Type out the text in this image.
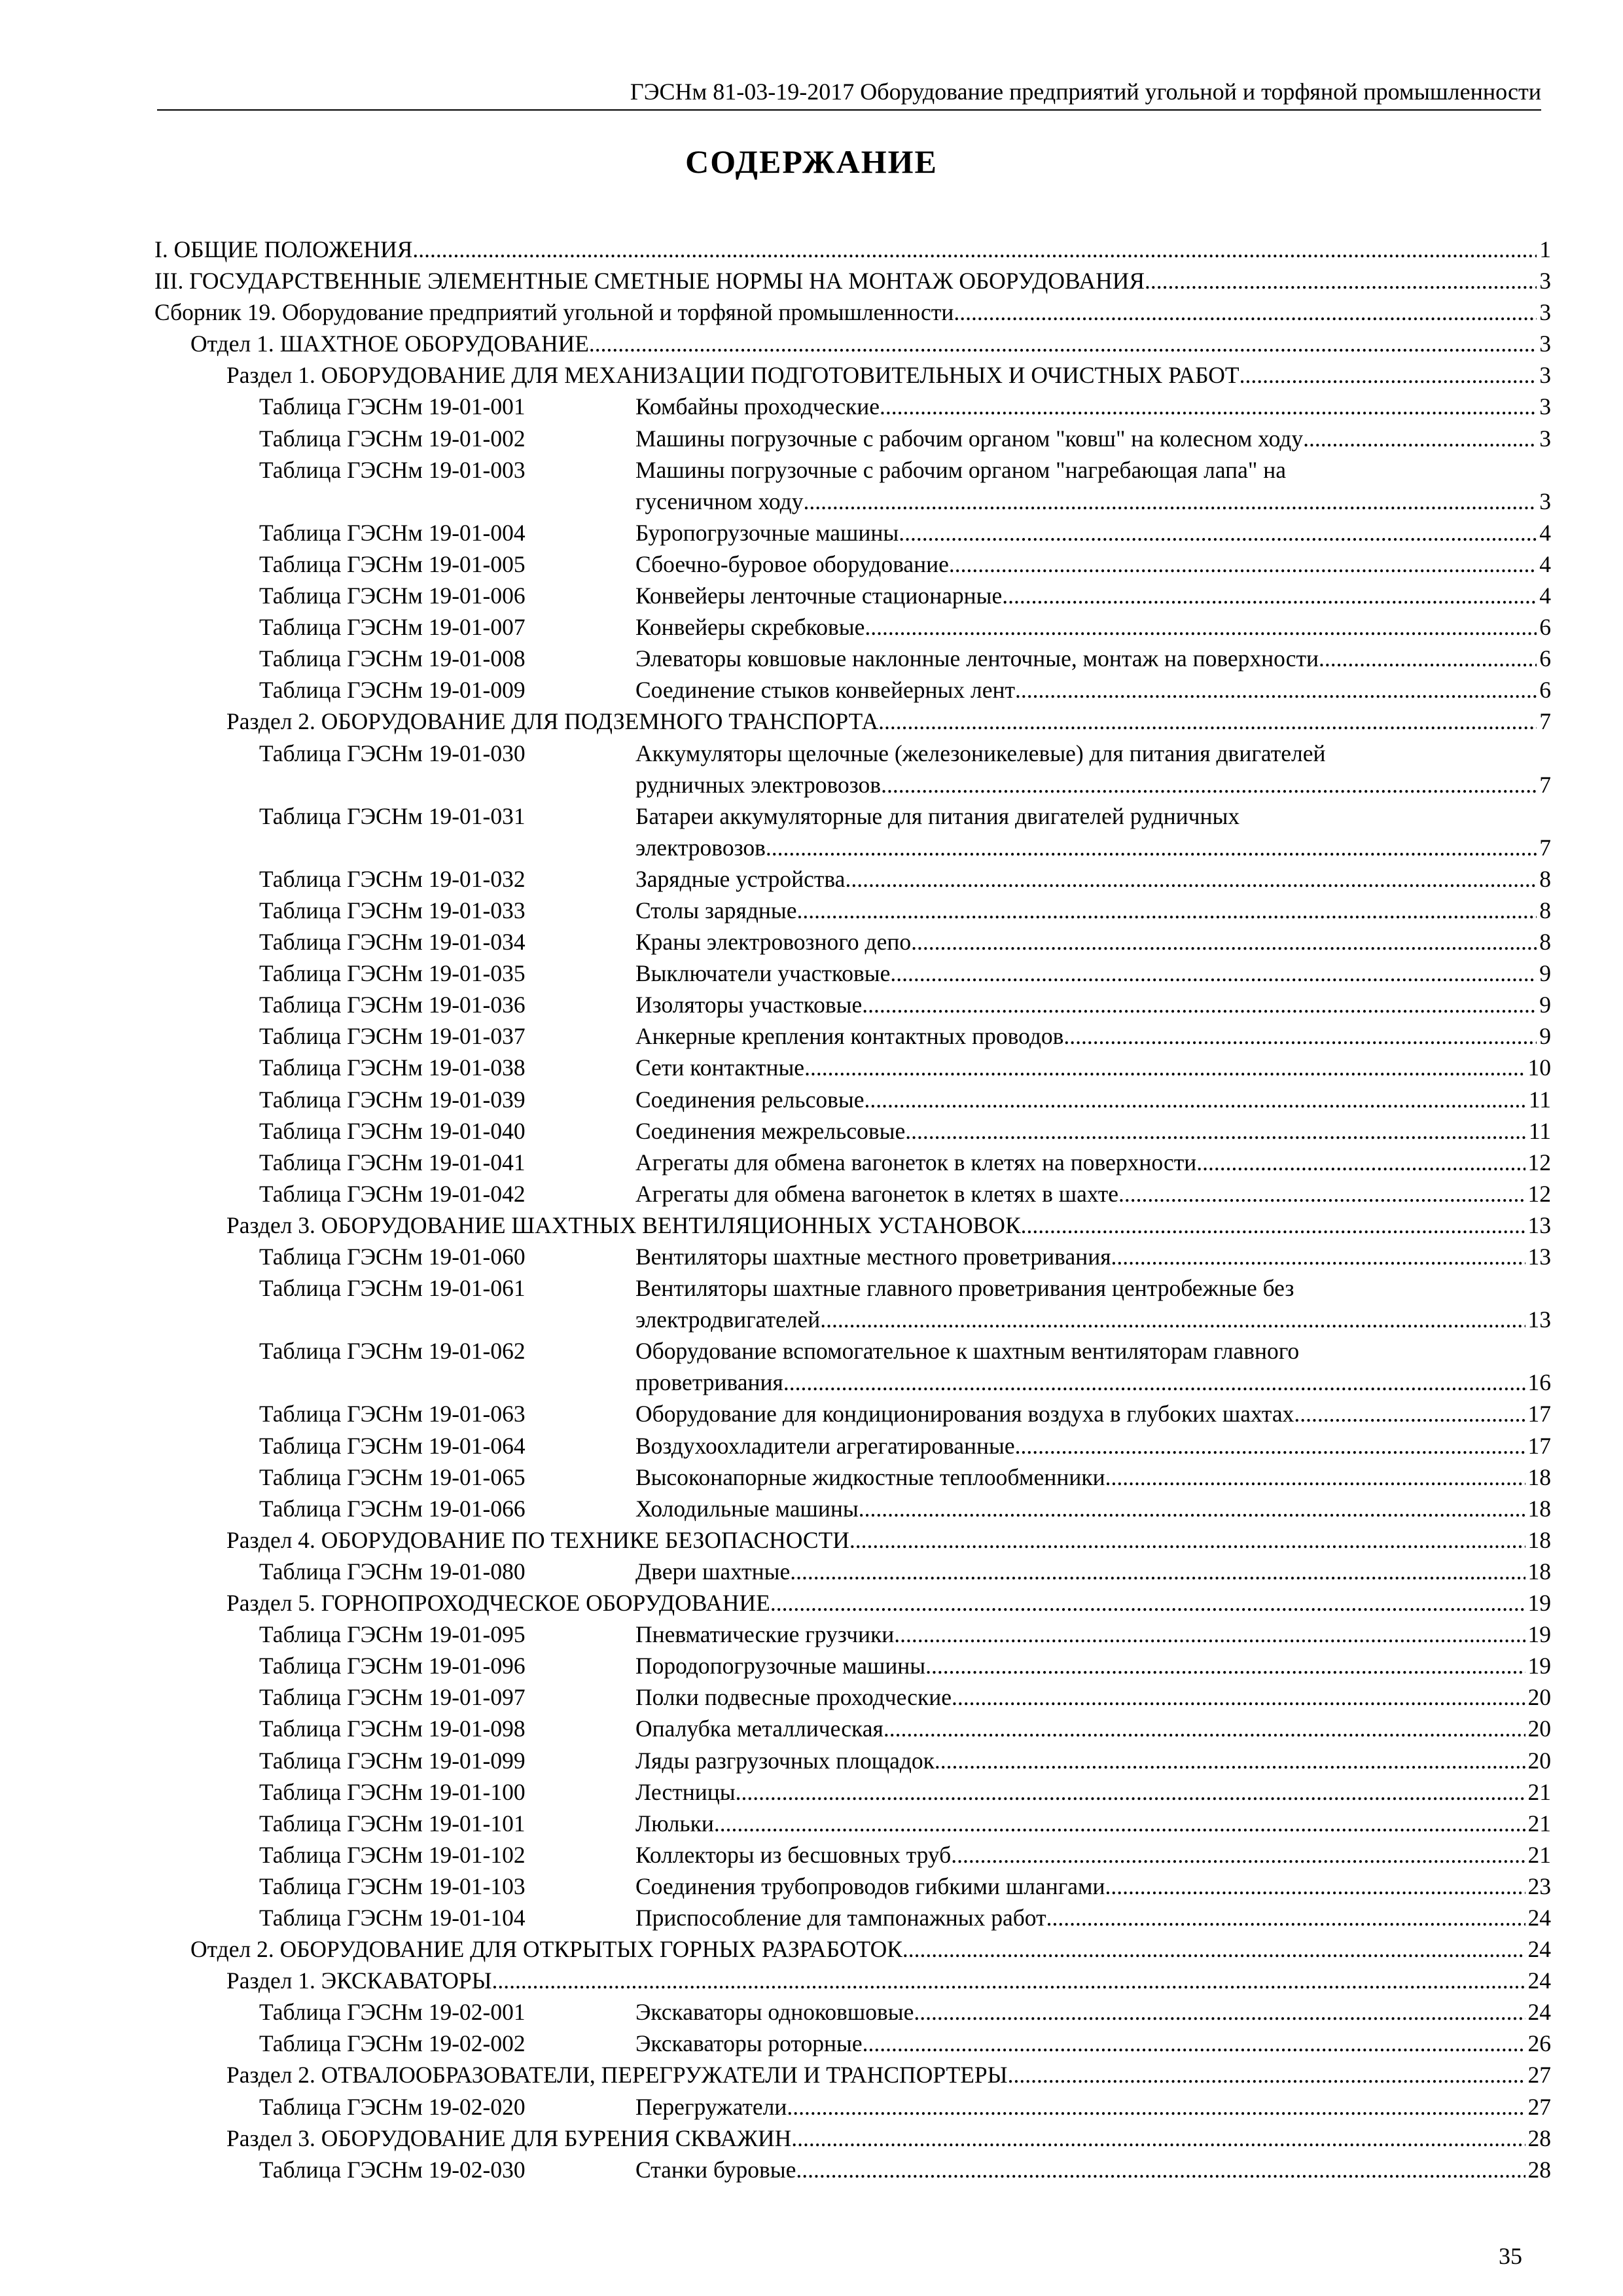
ГЭСНм 81-03-19-2017 Оборудование предприятий угольной и торфяной промышленности
СОДЕРЖАНИЕ
I. ОБЩИЕ ПОЛОЖЕНИЯ .....	1
III. ГОСУДАРСТВЕННЫЕ ЭЛЕМЕНТНЫЕ СМЕТНЫЕ НОРМЫ НА МОНТАЖ ОБОРУДОВАНИЯ .....	3
Сборник 19. Оборудование предприятий угольной и торфяной промышленности .....	3
Отдел 1. ШАХТНОЕ ОБОРУДОВАНИЕ .....	3
Раздел 1. ОБОРУДОВАНИЕ ДЛЯ МЕХАНИЗАЦИИ ПОДГОТОВИТЕЛЬНЫХ И ОЧИСТНЫХ РАБОТ .....	3
Таблица ГЭСНм 19-01-001	Комбайны проходческие .....	3
Таблица ГЭСНм 19-01-002	Машины погрузочные с рабочим органом "ковш" на колесном ходу .....	3
Таблица ГЭСНм 19-01-003	Машины погрузочные с рабочим органом "нагребающая лапа" на
гусеничном ходу .....	3
Таблица ГЭСНм 19-01-004	Буропогрузочные машины .....	4
Таблица ГЭСНм 19-01-005	Сбоечно-буровое оборудование .....	4
Таблица ГЭСНм 19-01-006	Конвейеры ленточные стационарные .....	4
Таблица ГЭСНм 19-01-007	Конвейеры скребковые .....	6
Таблица ГЭСНм 19-01-008	Элеваторы ковшовые наклонные ленточные, монтаж на поверхности .....	6
Таблица ГЭСНм 19-01-009	Соединение стыков конвейерных лент .....	6
Раздел 2. ОБОРУДОВАНИЕ ДЛЯ ПОДЗЕМНОГО ТРАНСПОРТА .....	7
Таблица ГЭСНм 19-01-030	Аккумуляторы щелочные (железоникелевые) для питания двигателей
рудничных электровозов .....	7
Таблица ГЭСНм 19-01-031	Батареи аккумуляторные для питания двигателей рудничных
электровозов .....	7
Таблица ГЭСНм 19-01-032	Зарядные устройства .....	8
Таблица ГЭСНм 19-01-033	Столы зарядные .....	8
Таблица ГЭСНм 19-01-034	Краны электровозного депо .....	8
Таблица ГЭСНм 19-01-035	Выключатели участковые .....	9
Таблица ГЭСНм 19-01-036	Изоляторы участковые .....	9
Таблица ГЭСНм 19-01-037	Анкерные крепления контактных проводов .....	9
Таблица ГЭСНм 19-01-038	Сети контактные .....	10
Таблица ГЭСНм 19-01-039	Соединения рельсовые .....	11
Таблица ГЭСНм 19-01-040	Соединения межрельсовые .....	11
Таблица ГЭСНм 19-01-041	Агрегаты для обмена вагонеток в клетях на поверхности .....	12
Таблица ГЭСНм 19-01-042	Агрегаты для обмена вагонеток в клетях в шахте .....	12
Раздел 3. ОБОРУДОВАНИЕ ШАХТНЫХ ВЕНТИЛЯЦИОННЫХ УСТАНОВОК .....	13
Таблица ГЭСНм 19-01-060	Вентиляторы шахтные местного проветривания .....	13
Таблица ГЭСНм 19-01-061	Вентиляторы шахтные главного проветривания центробежные без
электродвигателей .....	13
Таблица ГЭСНм 19-01-062	Оборудование вспомогательное к шахтным вентиляторам главного
проветривания .....	16
Таблица ГЭСНм 19-01-063	Оборудование для кондиционирования воздуха в глубоких шахтах .....	17
Таблица ГЭСНм 19-01-064	Воздухоохладители агрегатированные .....	17
Таблица ГЭСНм 19-01-065	Высоконапорные жидкостные теплообменники .....	18
Таблица ГЭСНм 19-01-066	Холодильные машины .....	18
Раздел 4. ОБОРУДОВАНИЕ ПО ТЕХНИКЕ БЕЗОПАСНОСТИ .....	18
Таблица ГЭСНм 19-01-080	Двери шахтные .....	18
Раздел 5. ГОРНОПРОХОДЧЕСКОЕ ОБОРУДОВАНИЕ .....	19
Таблица ГЭСНм 19-01-095	Пневматические грузчики .....	19
Таблица ГЭСНм 19-01-096	Породопогрузочные машины .....	19
Таблица ГЭСНм 19-01-097	Полки подвесные проходческие .....	20
Таблица ГЭСНм 19-01-098	Опалубка металлическая .....	20
Таблица ГЭСНм 19-01-099	Ляды разгрузочных площадок .....	20
Таблица ГЭСНм 19-01-100	Лестницы .....	21
Таблица ГЭСНм 19-01-101	Люльки .....	21
Таблица ГЭСНм 19-01-102	Коллекторы из бесшовных труб .....	21
Таблица ГЭСНм 19-01-103	Соединения трубопроводов гибкими шлангами .....	23
Таблица ГЭСНм 19-01-104	Приспособление для тампонажных работ .....	24
Отдел 2. ОБОРУДОВАНИЕ ДЛЯ ОТКРЫТЫХ ГОРНЫХ РАЗРАБОТОК .....	24
Раздел 1. ЭКСКАВАТОРЫ .....	24
Таблица ГЭСНм 19-02-001	Экскаваторы одноковшовые .....	24
Таблица ГЭСНм 19-02-002	Экскаваторы роторные .....	26
Раздел 2. ОТВАЛООБРАЗОВАТЕЛИ, ПЕРЕГРУЖАТЕЛИ И ТРАНСПОРТЕРЫ .....	27
Таблица ГЭСНм 19-02-020	Перегружатели .....	27
Раздел 3. ОБОРУДОВАНИЕ ДЛЯ БУРЕНИЯ СКВАЖИН .....	28
Таблица ГЭСНм 19-02-030	Станки буровые .....	28
35
